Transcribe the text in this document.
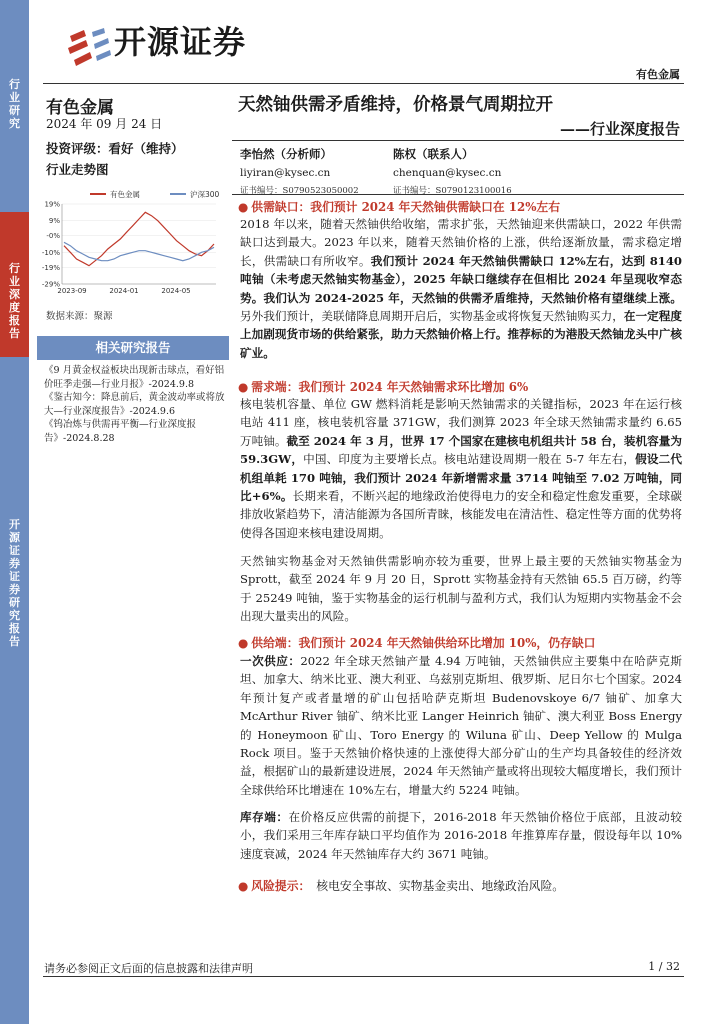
行
业
研
究
行
业
深
度
报
告
开
源
证
券
证
券
研
究
报
告
开源证券
有色金属
有色金属
2024 年 09 月 24 日
投资评级：看好（维持）
行业走势图
有色金属	沪深300
19%
9%
-0%
-10%
-19%
-29%
2023-09	2024-01	2024-05
数据来源：聚源
相关研究报告
《9 月黄金权益板块出现新击球点，看好铝价旺季走强—行业月报》-2024.9.8
《鉴古知今：降息前后，黄金波动率或将放大—行业深度报告》-2024.9.6
《钨冶炼与供需再平衡—行业深度报告》-2024.8.28
天然铀供需矛盾维持，价格景气周期拉开
——行业深度报告
李怡然（分析师）
liyiran@kysec.cn
证书编号：S0790523050002
陈权（联系人）
chenquan@kysec.cn
证书编号：S0790123100016
● 供需缺口：我们预计 2024 年天然铀供需缺口在 12%左右
2018 年以来，随着天然铀供给收缩，需求扩张，天然铀迎来供需缺口，2022 年供需缺口达到最大。2023 年以来，随着天然铀价格的上涨，供给逐渐放量，需求稳定增长，供需缺口有所收窄。我们预计 2024 年天然铀供需缺口 12%左右，达到 8140 吨铀（未考虑天然铀实物基金），2025 年缺口继续存在但相比 2024 年呈现收窄态势。我们认为 2024-2025 年，天然铀的供需矛盾维持，天然铀价格有望继续上涨。另外我们预计，美联储降息周期开启后，实物基金或将恢复天然铀购买力，在一定程度上加剧现货市场的供给紧张，助力天然铀价格上行。推荐标的为港股天然铀龙头中广核矿业。
● 需求端：我们预计 2024 年天然铀需求环比增加 6%
核电装机容量、单位 GW 燃料消耗是影响天然铀需求的关键指标，2023 年在运行核电站 411 座，核电装机容量 371GW，我们测算 2023 年全球天然铀需求量约 6.65 万吨铀。截至 2024 年 3 月，世界 17 个国家在建核电机组共计 58 台，装机容量为 59.3GW，中国、印度为主要增长点。核电站建设周期一般在 5-7 年左右，假设二代机组单耗 170 吨铀，我们预计 2024 年新增需求量 3714 吨铀至 7.02 万吨铀，同比+6%。长期来看，不断兴起的地缘政治使得电力的安全和稳定性愈发重要，全球碳排放收紧趋势下，清洁能源为各国所青睐，核能发电在清洁性、稳定性等方面的优势将使得各国迎来核电建设周期。
天然铀实物基金对天然铀供需影响亦较为重要，世界上最主要的天然铀实物基金为 Sprott，截至 2024 年 9 月 20 日，Sprott 实物基金持有天然铀 65.5 百万磅，约等于 25249 吨铀，鉴于实物基金的运行机制与盈利方式，我们认为短期内实物基金不会出现大量卖出的风险。
● 供给端：我们预计 2024 年天然铀供给环比增加 10%，仍存缺口
一次供应：2022 年全球天然铀产量 4.94 万吨铀，天然铀供应主要集中在哈萨克斯坦、加拿大、纳米比亚、澳大利亚、乌兹别克斯坦、俄罗斯、尼日尔七个国家。2024 年预计复产或者量增的矿山包括哈萨克斯坦 Budenovskoye 6/7 铀矿、加拿大 McArthur River 铀矿、纳米比亚 Langer Heinrich 铀矿、澳大利亚 Boss Energy 的 Honeymoon 矿山、Toro Energy 的 Wiluna 矿山、Deep Yellow 的 Mulga Rock 项目。鉴于天然铀价格快速的上涨使得大部分矿山的生产均具备较佳的经济效益，根据矿山的最新建设进展，2024 年天然铀产量或将出现较大幅度增长，我们预计全球供给环比增速在 10%左右，增量大约 5224 吨铀。
库存端：在价格反应供需的前提下，2016-2018 年天然铀价格位于底部，且波动较小，我们采用三年库存缺口平均值作为 2016-2018 年推算库存量，假设每年以 10%速度衰减，2024 年天然铀库存大约 3671 吨铀。
● 风险提示： 核电安全事故、实物基金卖出、地缘政治风险。
请务必参阅正文后面的信息披露和法律声明	1 / 32
